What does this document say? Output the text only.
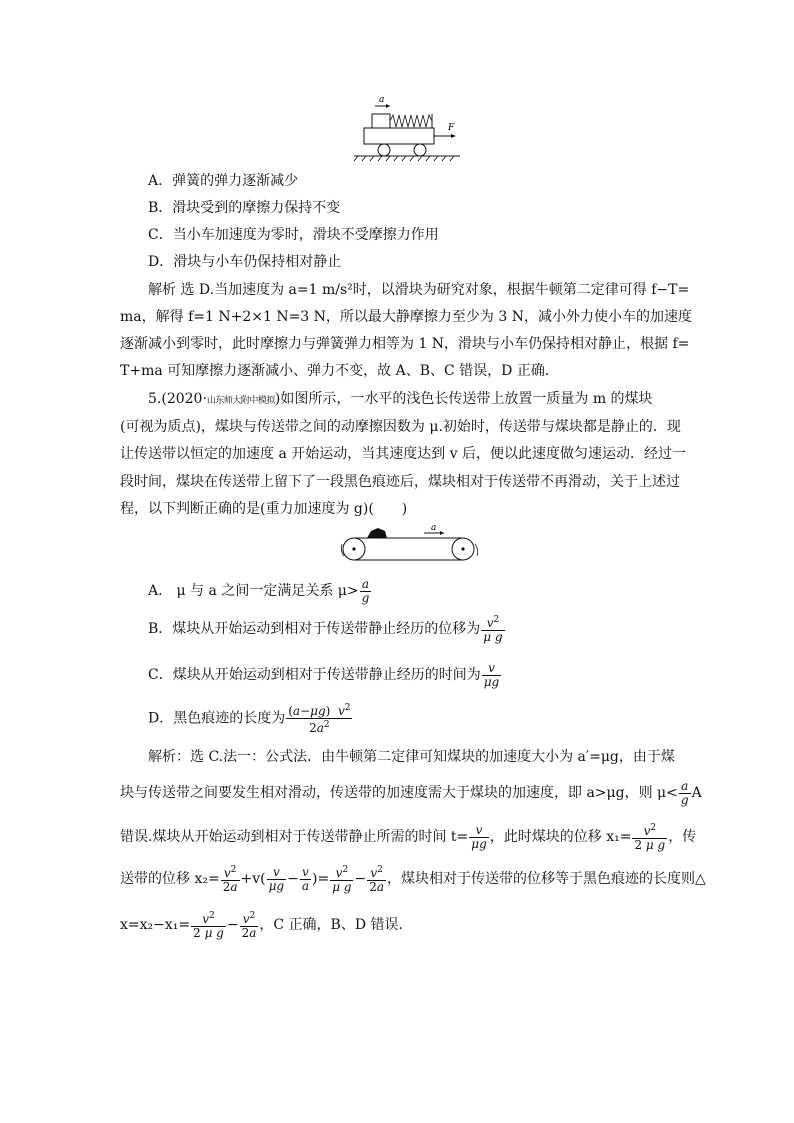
a
F
A．弹簧的弹力逐渐减少
B．滑块受到的摩擦力保持不变
C．当小车加速度为零时，滑块不受摩擦力作用
D．滑块与小车仍保持相对静止
解析 选 D.当加速度为 a=1 m/s²时，以滑块为研究对象，根据牛顿第二定律可得 f−T=
ma，解得 f=1 N+2×1 N=3 N，所以最大静摩擦力至少为 3 N，减小外力使小车的加速度
逐渐减小到零时，此时摩擦力与弹簧弹力相等为 1 N，滑块与小车仍保持相对静止，根据 f=
T+ma 可知摩擦力逐渐减小、弹力不变，故 A、B、C 错误，D 正确．
5.(2020·山东师大附中模拟)如图所示，一水平的浅色长传送带上放置一质量为 m 的煤块
(可视为质点)，煤块与传送带之间的动摩擦因数为 μ.初始时，传送带与煤块都是静止的．现
让传送带以恒定的加速度 a 开始运动，当其速度达到 v 后，便以此速度做匀速运动．经过一
段时间，煤块在传送带上留下了一段黑色痕迹后，煤块相对于传送带不再滑动，关于上述过
程，以下判断正确的是(重力加速度为 g)(　　)
a
A． μ 与 a 之间一定满足关系 $\mu> \frac{a}{g}$
B．煤块从开始运动到相对于传送带静止经历的位移为 $\frac{v^2}{\text{μ g}}$
C．煤块从开始运动到相对于传送带静止经历的时间为 $\frac{v}{\mu g}$
D．黑色痕迹的长度为 $\frac{(a-\mu g) v^2}{2a^2}$
解析：选 C.法一：公式法．由牛顿第二定律可知煤块的加速度大小为 a′=μg，由于煤
块与传送带之间要发生相对滑动，传送带的加速度需大于煤块的加速度，即 a>μg，则 $\mu< \frac{a}{g}$ A
错误.煤块从开始运动到相对于传送带静止所需的时间 $t= \frac{v}{\mu g}$ ，此时煤块的位移 $x_1= \frac{v^2}{\text{2 μ g}}$ ，传
送带的位移 $x_2= \frac{v^2}{2a} +v( \frac{v}{\mu g} - \frac{v}{a}$ )= $\frac{v^2}{\text{μ g}} - \frac{v^2}{2a}$ ，煤块相对于传送带的位移等于黑色痕迹的长度则△
$x=x_2-x_1= \frac{v^2}{\text{2 μ g}} - \frac{v^2}{2a}$ ，C 正确，B、D 错误．
